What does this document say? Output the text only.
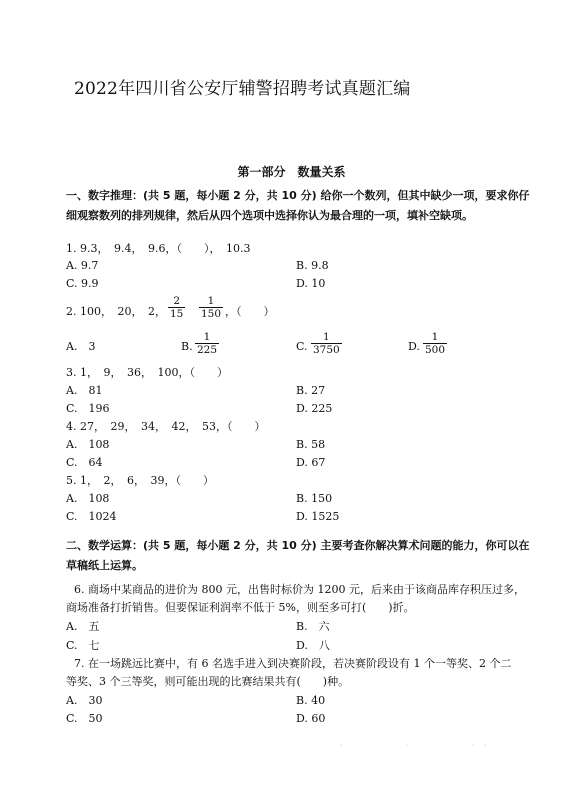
2022年四川省公安厅辅警招聘考试真题汇编
第一部分　数量关系
一、数字推理：(共 5 题，每小题 2 分，共 10 分) 给你一个数列，但其中缺少一项，要求你仔细观察数列的排列规律，然后从四个选项中选择你认为最合理的一项，填补空缺项。
1. 9.3，　9.4，　9.6，（　　），　10.3
A. 9.7	B. 9.8
C. 9.9	D. 10
2. 100，　20，　2， $\frac{2}{15} \frac{1}{150}$ ，（　　）
A.　3	B. $\frac{1}{225}$	C. $\frac{1}{3750}$	D. $\frac{1}{500}$
3. 1，　9，　36，　100，（　　）
A.　81	B. 27
C.　196	D. 225
4. 27，　29，　34，　42，　53，（　　）
A.　108	B. 58
C.　64	D. 67
5. 1，　2，　6，　39，（　　）
A.　108	B. 150
C.　1024	D. 1525
二、数学运算：(共 5 题，每小题 2 分，共 10 分) 主要考查你解决算术问题的能力，你可以在草稿纸上运算。
6. 商场中某商品的进价为 800 元，出售时标价为 1200 元，后来由于该商品库存积压过多，
商场准备打折销售。但要保证利润率不低于 5%，则至多可打(　　)折。
A.　五	B.　六
C.　七	D.　八
7. 在一场跳远比赛中，有 6 名选手进入到决赛阶段，若决赛阶段设有 1 个一等奖、2 个二
等奖、3 个三等奖，则可能出现的比赛结果共有(　　)种。
A.　30	B. 40
C.　50	D. 60
·　　　　　　　-　　　　　　　·　·
